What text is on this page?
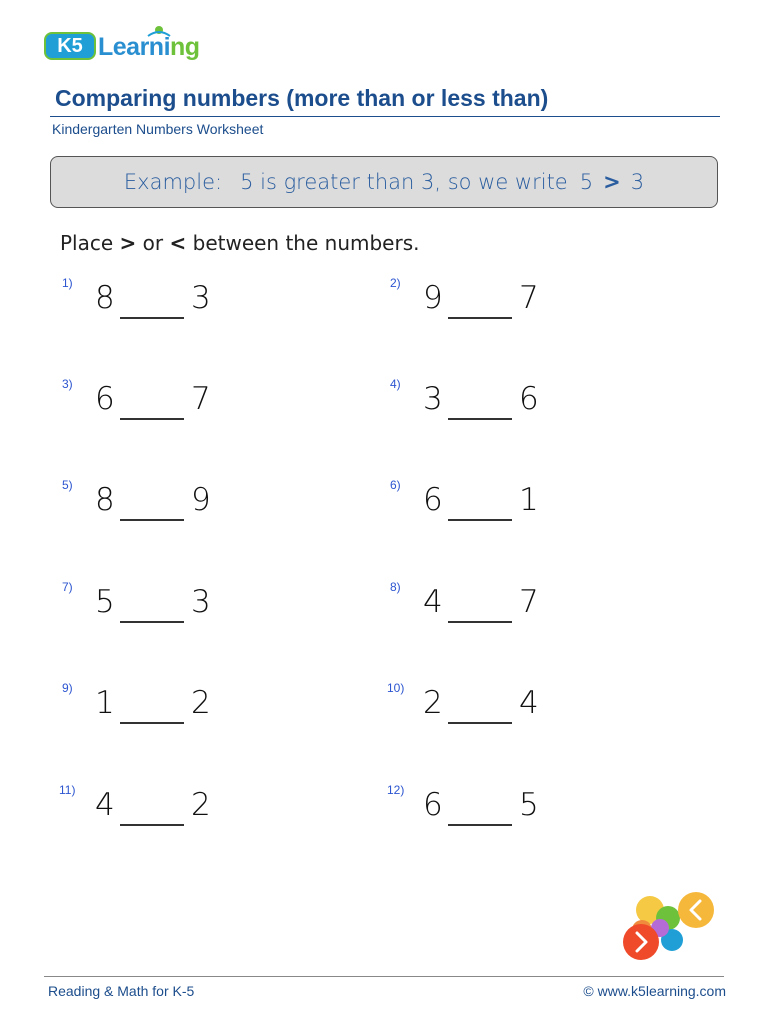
K5 Learning
Comparing numbers (more than or less than)
Kindergarten Numbers Worksheet
Example: 5 is greater than 3, so we write 5 > 3
Place > or < between the numbers.
1) 8 3	2) 9 7
3) 6 7	4) 3 6
5) 8 9	6) 6 1
7) 5 3	8) 4 7
9) 1 2	10) 2 4
11) 4 2	12) 6 5
Reading & Math for K-5	© www.k5learning.com
